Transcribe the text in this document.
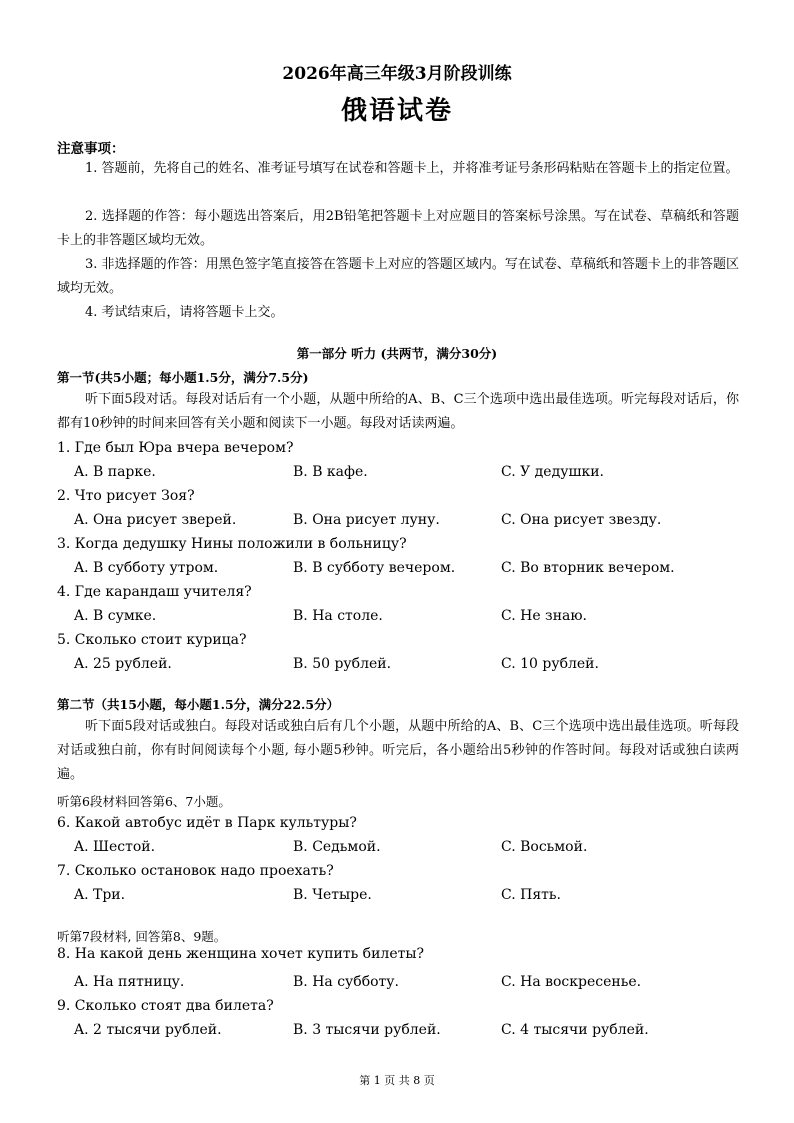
2026年高三年级3月阶段训练
俄语试卷
注意事项：
1. 答题前，先将自己的姓名、准考证号填写在试卷和答题卡上，并将准考证号条形码粘贴在答题卡上的指定位置。
2. 选择题的作答：每小题选出答案后，用2B铅笔把答题卡上对应题目的答案标号涂黑。写在试卷、草稿纸和答题卡上的非答题区域均无效。
3. 非选择题的作答：用黑色签字笔直接答在答题卡上对应的答题区域内。写在试卷、草稿纸和答题卡上的非答题区域均无效。
4. 考试结束后，请将答题卡上交。
第一部分 听力 (共两节，满分30分)
第一节(共5小题；每小题1.5分，满分7.5分)
听下面5段对话。每段对话后有一个小题，从题中所给的A、B、C三个选项中选出最佳选项。听完每段对话后，你都有10秒钟的时间来回答有关小题和阅读下一小题。每段对话读两遍。
1. Где был Юра вчера вечером?
A. В парке.	B. В кафе.	C. У дедушки.
2. Что рисует Зоя?
A. Она рисует зверей.	B. Она рисует луну.	C. Она рисует звезду.
3. Когда дедушку Нины положили в больницу?
A. В субботу утром.	B. В субботу вечером.	C. Во вторник вечером.
4. Где карандаш учителя?
A. В сумке.	B. На столе.	C. Не знаю.
5. Сколько стоит курица?
A. 25 рублей.	B. 50 рублей.	C. 10 рублей.
第二节（共15小题，每小题1.5分，满分22.5分）
听下面5段对话或独白。每段对话或独白后有几个小题，从题中所给的A、B、C三个选项中选出最佳选项。听每段对话或独白前，你有时间阅读每个小题, 每小题5秒钟。听完后，各小题给出5秒钟的作答时间。每段对话或独白读两遍。
听第6段材料回答第6、7小题。
6. Какой автобус идёт в Парк культуры?
A. Шестой.	B. Седьмой.	C. Восьмой.
7. Сколько остановок надо проехать?
A. Три.	B. Четыре.	C. Пять.
听第7段材料, 回答第8、9题。
8. На какой день женщина хочет купить билеты?
A. На пятницу.	B. На субботу.	C. На воскресенье.
9. Сколько стоят два билета?
A. 2 тысячи рублей.	B. 3 тысячи рублей.	C. 4 тысячи рублей.
第 1 页 共 8 页
